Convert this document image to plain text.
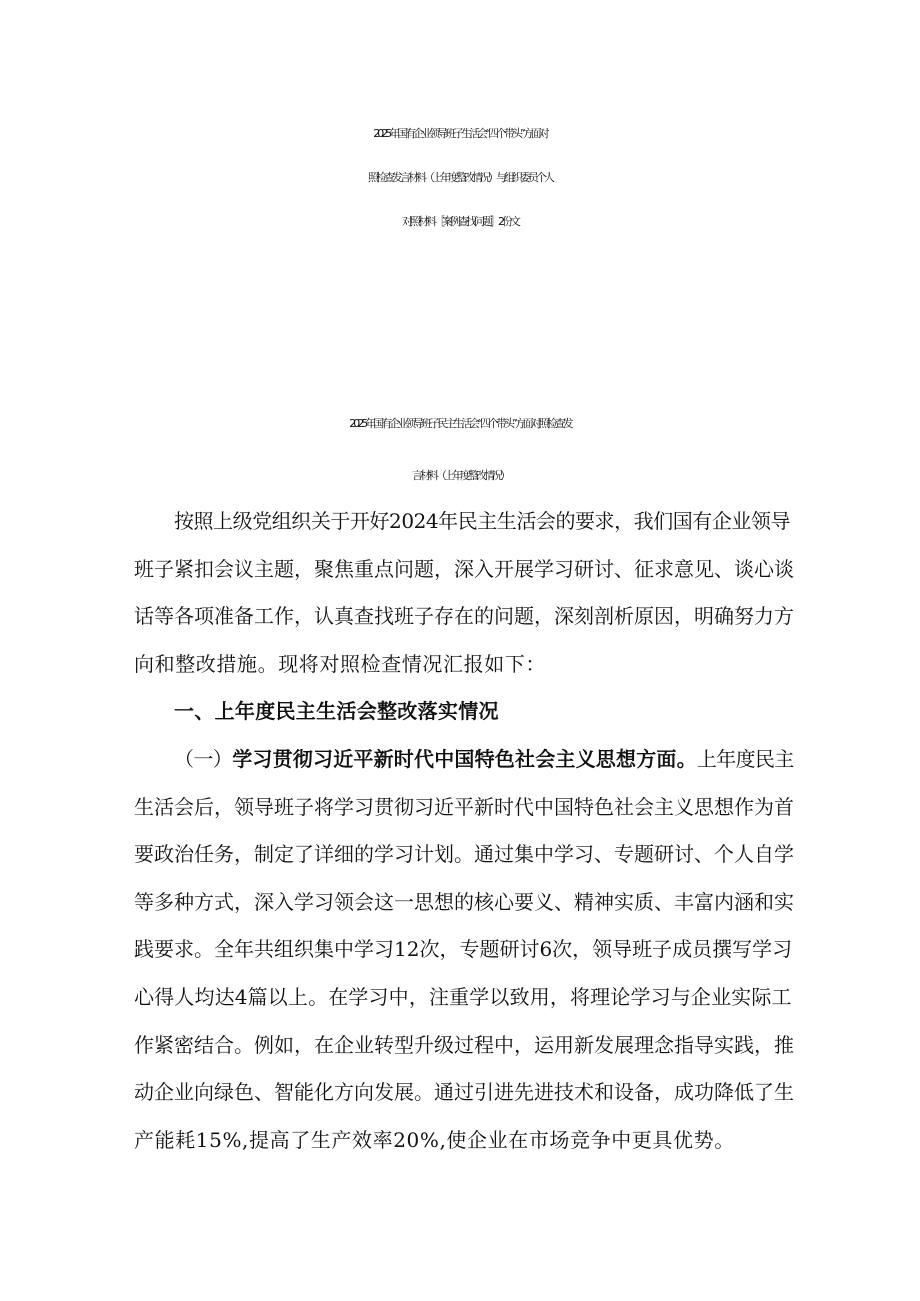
2025年国有企业领导班子生活会“四个带头”方面对
照检查发言材料（上年度整改情况）与组织委员个人
对照材料［案例查找问题］2份文
2025年国有企业领导班子民主生活会“四个带头”方面对照检查发
言材料（上年度整改情况）
按照上级党组织关于开好2024年民主生活会的要求，我们国有企业领导
班子紧扣会议主题，聚焦重点问题，深入开展学习研讨、征求意见、谈心谈
话等各项准备工作，认真查找班子存在的问题，深刻剖析原因，明确努力方
向和整改措施。现将对照检查情况汇报如下：
一、上年度民主生活会整改落实情况
（一）学习贯彻习近平新时代中国特色社会主义思想方面。上年度民主
生活会后，领导班子将学习贯彻习近平新时代中国特色社会主义思想作为首
要政治任务，制定了详细的学习计划。通过集中学习、专题研讨、个人自学
等多种方式，深入学习领会这一思想的核心要义、精神实质、丰富内涵和实
践要求。全年共组织集中学习12次，专题研讨6次，领导班子成员撰写学习
心得人均达4篇以上。在学习中，注重学以致用，将理论学习与企业实际工
作紧密结合。例如，在企业转型升级过程中，运用新发展理念指导实践，推
动企业向绿色、智能化方向发展。通过引进先进技术和设备，成功降低了生
产能耗15%,提高了生产效率20%,使企业在市场竞争中更具优势。
